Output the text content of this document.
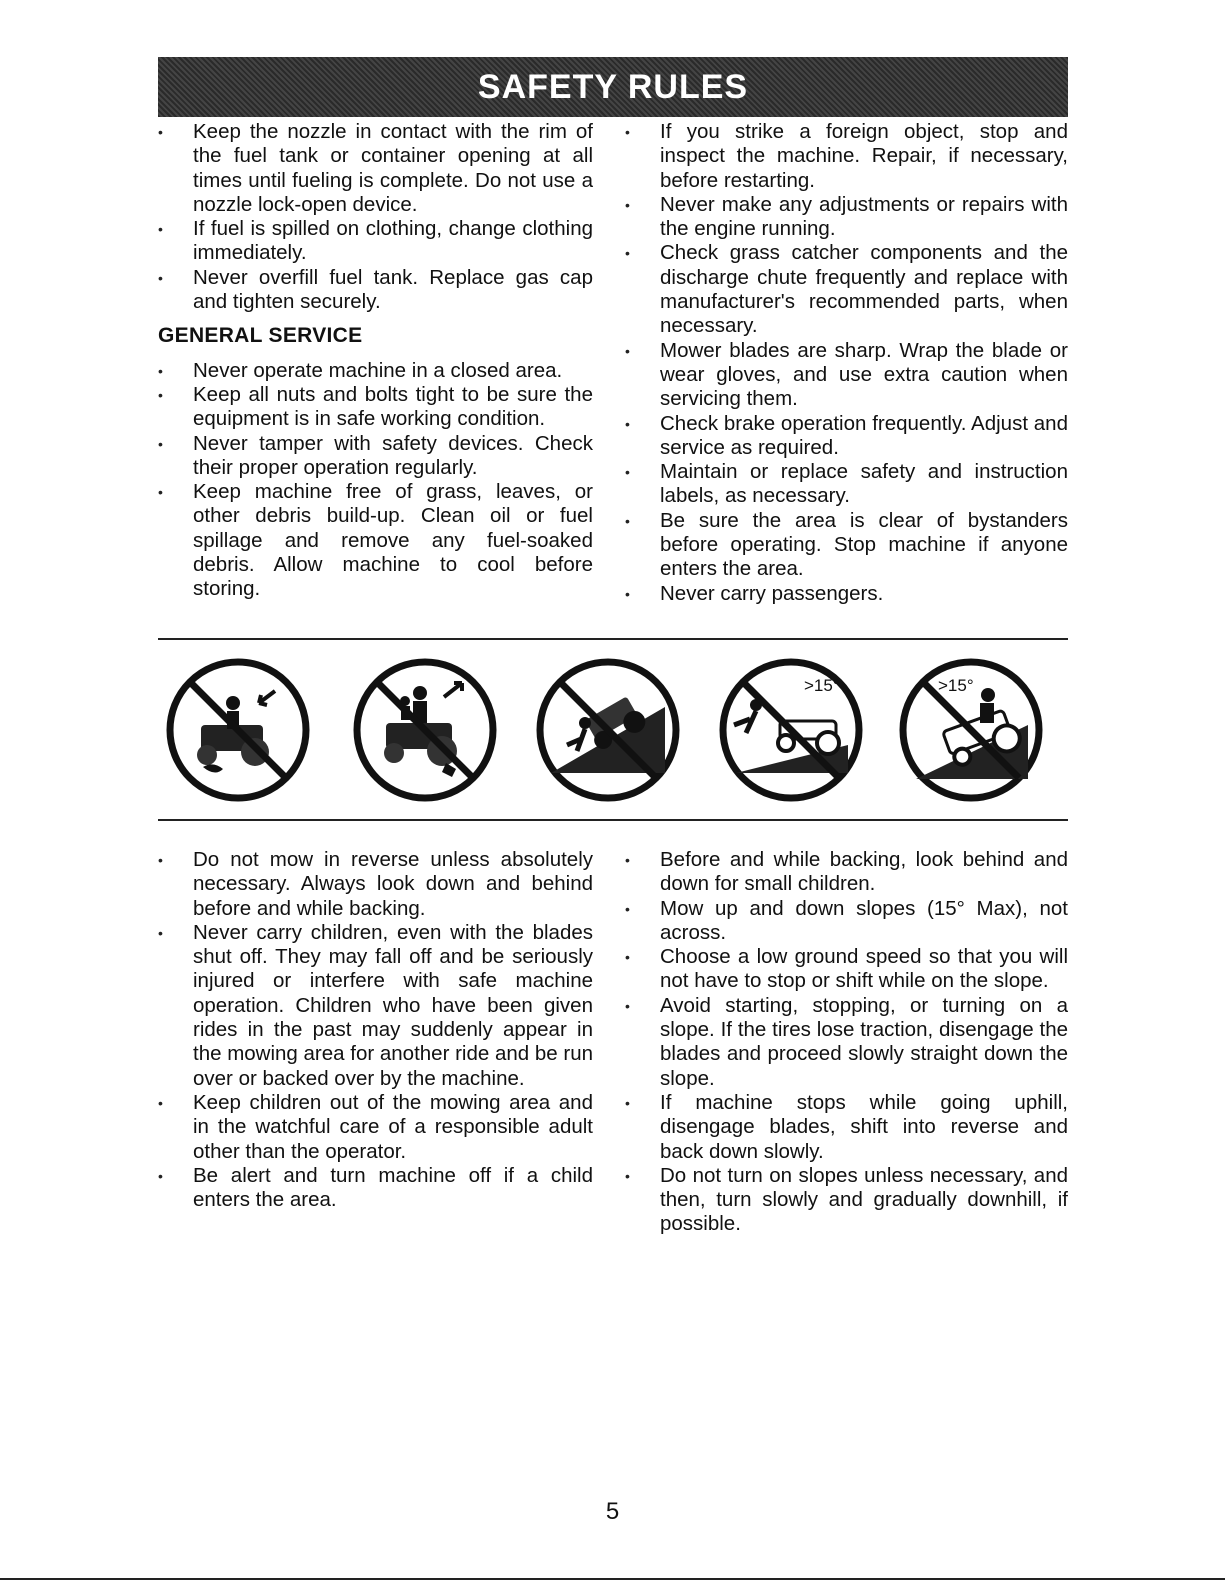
SAFETY RULES
• Keep the nozzle in contact with the rim of the fuel tank or container opening at all times until fueling is complete. Do not use a nozzle lock-open device.
• If fuel is spilled on clothing, change clothing immediately.
• Never overfill fuel tank. Replace gas cap and tighten securely.
GENERAL SERVICE
• Never operate machine in a closed area.
• Keep all nuts and bolts tight to be sure the equipment is in safe working condition.
• Never tamper with safety devices. Check their proper operation regularly.
• Keep machine free of grass, leaves, or other debris build-up. Clean oil or fuel spillage and remove any fuel-soaked debris. Allow machine to cool before storing.
• If you strike a foreign object, stop and inspect the machine. Repair, if necessary, before restarting.
• Never make any adjustments or repairs with the engine running.
• Check grass catcher components and the discharge chute frequently and replace with manufacturer's recommended parts, when necessary.
• Mower blades are sharp. Wrap the blade or wear gloves, and use extra caution when servicing them.
• Check brake operation frequently. Adjust and service as required.
• Maintain or replace safety and instruction labels, as necessary.
• Be sure the area is clear of bystanders before operating. Stop machine if anyone enters the area.
• Never carry passengers.
>15°	>15°
• Do not mow in reverse unless absolutely necessary. Always look down and behind before and while backing.
• Never carry children, even with the blades shut off. They may fall off and be seriously injured or interfere with safe machine operation. Children who have been given rides in the past may suddenly appear in the mowing area for another ride and be run over or backed over by the machine.
• Keep children out of the mowing area and in the watchful care of a responsible adult other than the operator.
• Be alert and turn machine off if a child enters the area.
• Before and while backing, look behind and down for small children.
• Mow up and down slopes (15° Max), not across.
• Choose a low ground speed so that you will not have to stop or shift while on the slope.
• Avoid starting, stopping, or turning on a slope. If the tires lose traction, disengage the blades and proceed slowly straight down the slope.
• If machine stops while going uphill, disengage blades, shift into reverse and back down slowly.
• Do not turn on slopes unless necessary, and then, turn slowly and gradually downhill, if possible.
5
